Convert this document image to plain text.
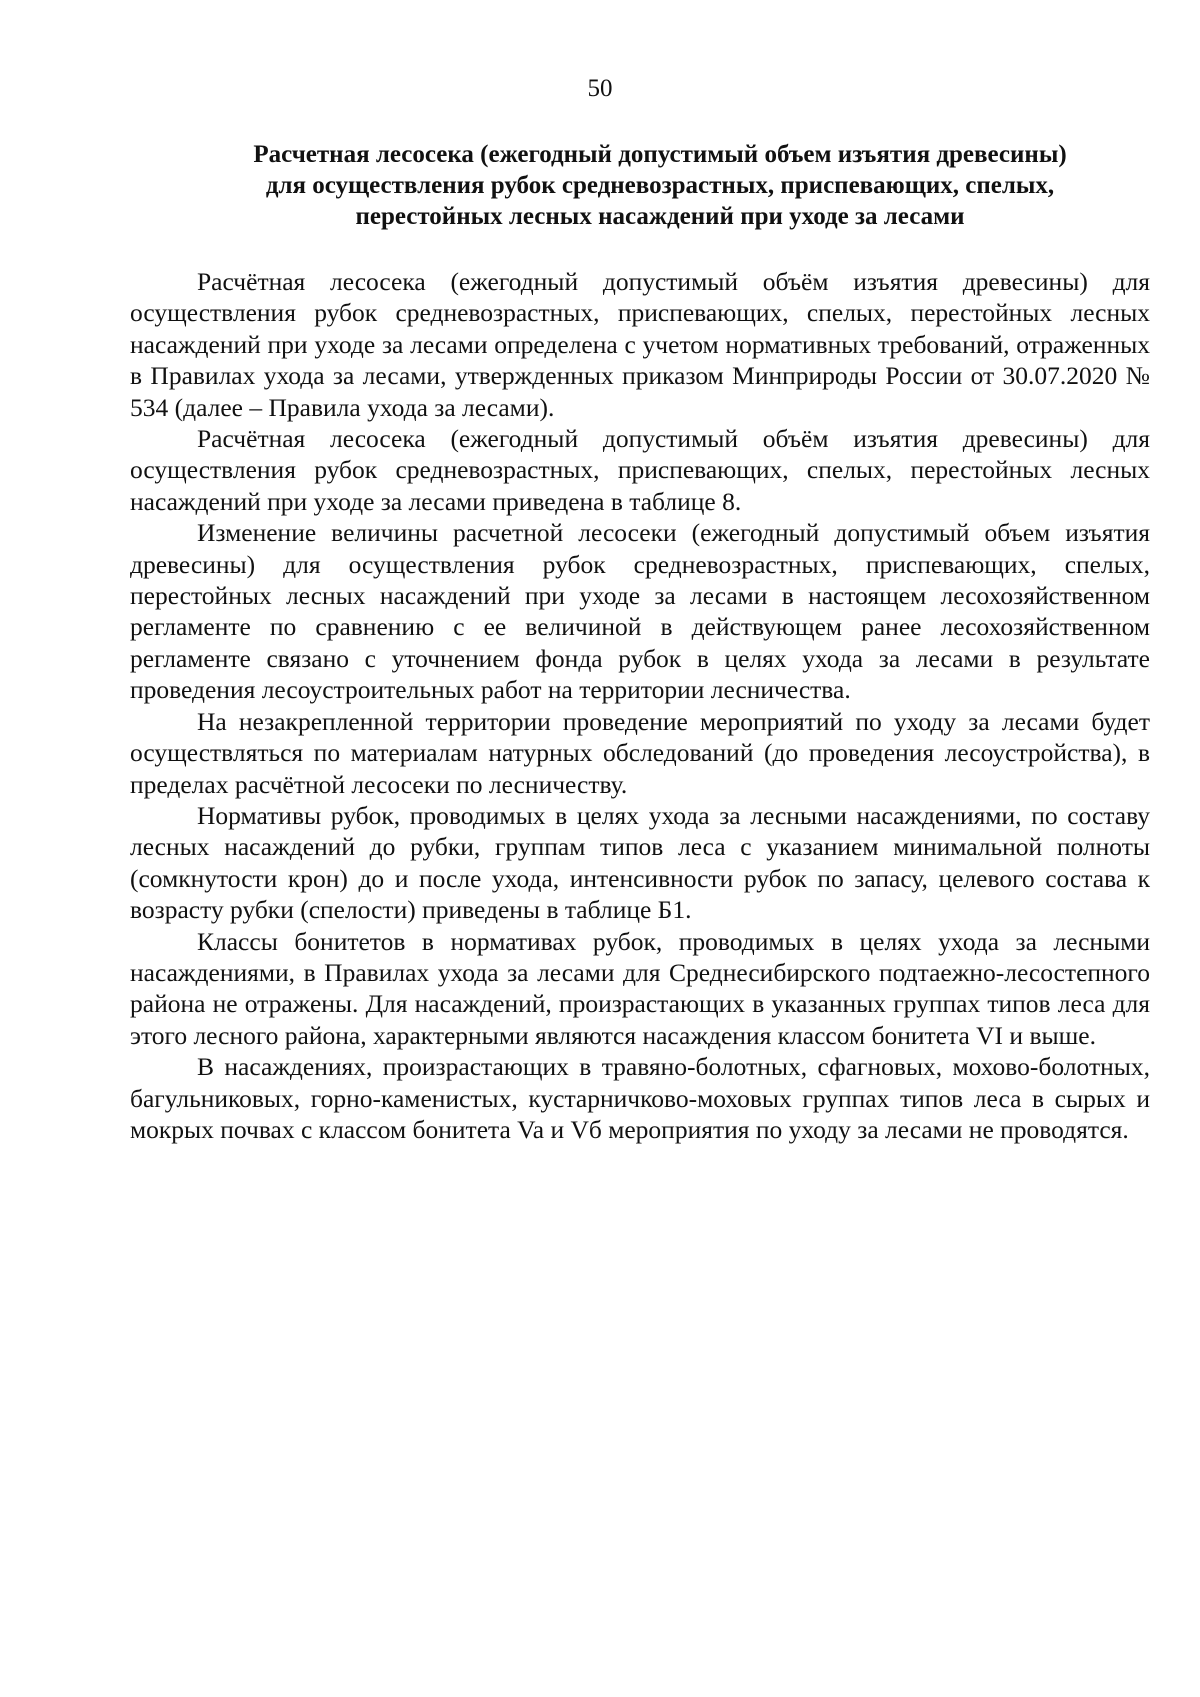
50
Расчетная лесосека (ежегодный допустимый объем изъятия древесины)
для осуществления рубок средневозрастных, приспевающих, спелых,
перестойных лесных насаждений при уходе за лесами

Расчётная лесосека (ежегодный допустимый объём изъятия древесины) для осуществления рубок средневозрастных, приспевающих, спелых, перестойных лесных насаждений при уходе за лесами определена с учетом нормативных требований, отраженных в Правилах ухода за лесами, утвержденных приказом Минприроды России от 30.07.2020 № 534 (далее – Правила ухода за лесами).

Расчётная лесосека (ежегодный допустимый объём изъятия древесины) для осуществления рубок средневозрастных, приспевающих, спелых, перестойных лесных насаждений при уходе за лесами приведена в таблице 8.

Изменение величины расчетной лесосеки (ежегодный допустимый объем изъятия древесины) для осуществления рубок средневозрастных, приспевающих, спелых, перестойных лесных насаждений при уходе за лесами в настоящем лесохозяйственном регламенте по сравнению с ее величиной в действующем ранее лесохозяйственном регламенте связано с уточнением фонда рубок в целях ухода за лесами в результате проведения лесоустроительных работ на территории лесничества.

На незакрепленной территории проведение мероприятий по уходу за лесами будет осуществляться по материалам натурных обследований (до проведения лесоустройства), в пределах расчётной лесосеки по лесничеству.

Нормативы рубок, проводимых в целях ухода за лесными насаждениями, по составу лесных насаждений до рубки, группам типов леса с указанием минимальной полноты (сомкнутости крон) до и после ухода, интенсивности рубок по запасу, целевого состава к возрасту рубки (спелости) приведены в таблице Б1.

Классы бонитетов в нормативах рубок, проводимых в целях ухода за лесными насаждениями, в Правилах ухода за лесами для Среднесибирского подтаежно-лесостепного района не отражены. Для насаждений, произрастающих в указанных группах типов леса для этого лесного района, характерными являются насаждения классом бонитета VI и выше.

В насаждениях, произрастающих в травяно-болотных, сфагновых, мохово-болотных, багульниковых, горно-каменистых, кустарничково-моховых группах типов леса в сырых и мокрых почвах с классом бонитета Va и Vб мероприятия по уходу за лесами не проводятся.
